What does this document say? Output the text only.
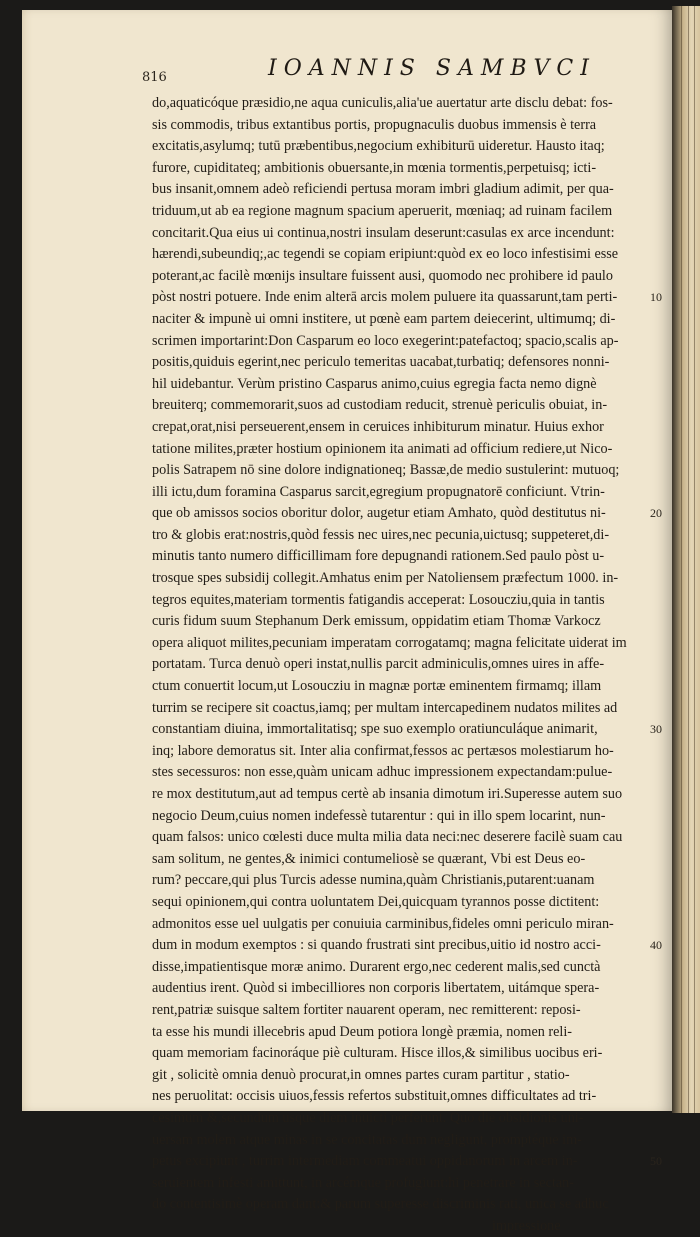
816	IOANNIS SAMBVCI
do,aquaticóque præsidio,ne aqua cuniculis,alia'ue auertatur arte disclu debat: fos-
sis commodis, tribus extantibus portis, propugnaculis duobus immensis è terra
excitatis,asylumq; tutū præbentibus,negocium exhibiturū uideretur. Hausto itaq;
furore, cupiditateq; ambitionis obuersante,in mœnia tormentis,perpetuisq; icti-
bus insanit,omnem adeò reficiendi pertusa moram imbri gladium adimit, per qua-
triduum,ut ab ea regione magnum spacium aperuerit, mœniaq; ad ruinam facilem
concitarit.Qua eius ui continua,nostri insulam deserunt:casulas ex arce incendunt:
hærendi,subeundiq;,ac tegendi se copiam eripiunt:quòd ex eo loco infestisimi esse
poterant,ac facilè mœnijs insultare fuissent ausi, quomodo nec prohibere id paulo
pòst nostri potuere. Inde enim alterā arcis molem puluere ita quassarunt,tam perti-
naciter & impunè ui omni institere, ut pœnè eam partem deiecerint, ultimumq; di-
scrimen importarint:Don Casparum eo loco exegerint:patefactoq; spacio,scalis ap-
positis,quiduis egerint,nec periculo temeritas uacabat,turbatiq; defensores nonni-
hil uidebantur. Verùm pristino Casparus animo,cuius egregia facta nemo dignè
breuiterq; commemorarit,suos ad custodiam reducit, strenuè periculis obuiat, in-
crepat,orat,nisi perseuerent,ensem in ceruices inhibiturum minatur. Huius exhor
tatione milites,præter hostium opinionem ita animati ad officium rediere,ut Nico-
polis Satrapem nō sine dolore indignationeq; Bassæ,de medio sustulerint: mutuoq;
illi ictu,dum foramina Casparus sarcit,egregium propugnatorē conficiunt. Vtrin-
que ob amissos socios oboritur dolor, augetur etiam Amhato, quòd destitutus ni-
tro & globis erat:nostris,quòd fessis nec uires,nec pecunia,uictusq; suppeteret,di-
minutis tanto numero difficillimam fore depugnandi rationem.Sed paulo pòst u-
trosque spes subsidij collegit.Amhatus enim per Natoliensem præfectum 1000. in-
tegros equites,materiam tormentis fatigandis acceperat: Losoucziu,quia in tantis
curis fidum suum Stephanum Derk emissum, oppidatim etiam Thomæ Varkocz
opera aliquot milites,pecuniam imperatam corrogatamq; magna felicitate uiderat im
portatam. Turca denuò operi instat,nullis parcit adminiculis,omnes uires in affe-
ctum conuertit locum,ut Losoucziu in magnæ portæ eminentem firmamq; illam
turrim se recipere sit coactus,iamq; per multam intercapedinem nudatos milites ad
constantiam diuina, immortalitatisq; spe suo exemplo oratiunculáque animarit,
inq; labore demoratus sit. Inter alia confirmat,fessos ac pertæsos molestiarum ho-
stes secessuros: non esse,quàm unicam adhuc impressionem expectandam:pulue-
re mox destitutum,aut ad tempus certè ab insania dimotum iri.Superesse autem suo
negocio Deum,cuius nomen indefessè tutarentur : qui in illo spem locarint, nun-
quam falsos: unico cœlesti duce multa milia data neci:nec deserere facilè suam cau
sam solitum, ne gentes,& inimici contumeliosè se quærant, Vbi est Deus eo-
rum? peccare,qui plus Turcis adesse numina,quàm Christianis,putarent:uanam
sequi opinionem,qui contra uoluntatem Dei,quicquam tyrannos posse dictitent:
admonitos esse uel uulgatis per conuiuia carminibus,fideles omni periculo miran-
dum in modum exemptos : si quando frustrati sint precibus,uitio id nostro acci-
disse,impatientisque moræ animo. Durarent ergo,nec cederent malis,sed cunctà
audentius irent. Quòd si imbecilliores non corporis libertatem, uitámque spera-
rent,patriæ suisque saltem fortiter nauarent operam, nec remitterent: reposi-
ta esse his mundi illecebris apud Deum potiora longè præmia, nomen reli-
quam memoriam facinoráque piè culturam. Hisce illos,& similibus uocibus eri-
git , solicitè omnia denuò procurat,in omnes partes curam partitur , statio-
nes peruolitat: occisis uiuos,fessis refertos substituit,omnes difficultates ad tri-
cesimum &,secundum usque diem inuicti perferunt. Quo die obsidionis uni-
uersam molem atque minas in se concitatas dum negligunt, promptéque im-
petus excipiunt , turrim intermediam commeatui oppidanorum in arcem in-
seruientem infesti amittunt, in arcémque profugiunt:hi penetrare in sectan-
do contentisimè operam dant:& parum superesse discriminis rati, unica se adhuc
impressione
10
20
30
40
50
